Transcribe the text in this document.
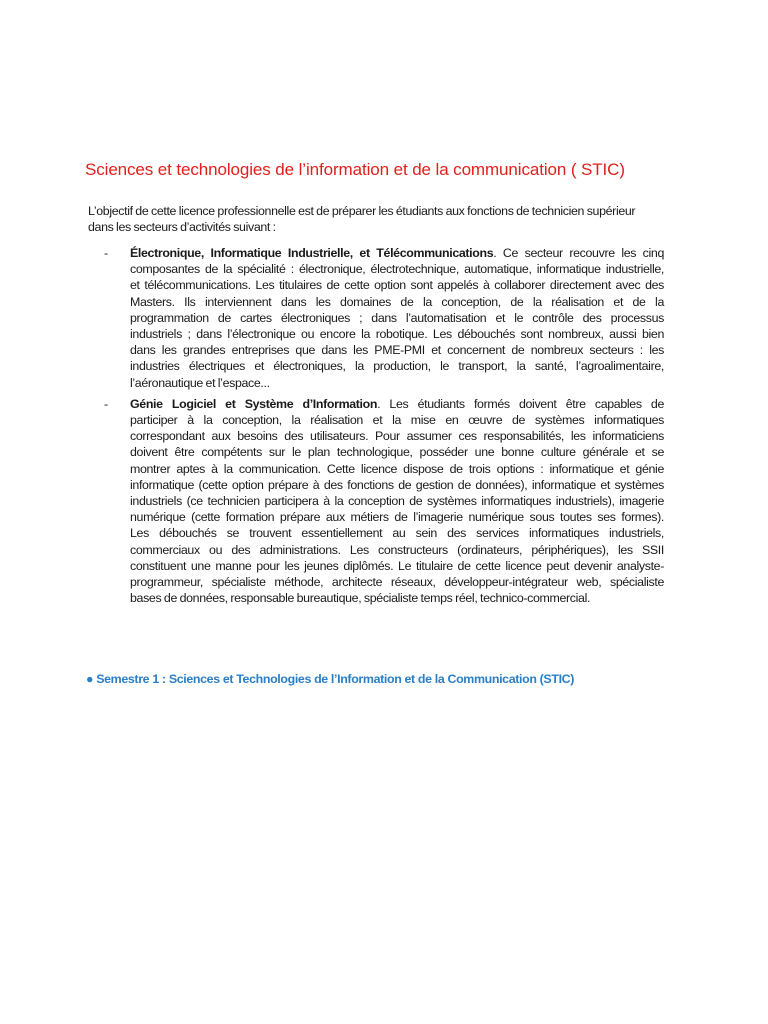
Sciences et technologies de l’information et de la communication ( STIC)

L’objectif de cette licence professionnelle est de préparer les étudiants aux fonctions de technicien supérieur
dans les secteurs d’activités suivant :

-	Électronique, Informatique Industrielle, et Télécommunications. Ce secteur recouvre les cinq
composantes de la spécialité : électronique, électrotechnique, automatique, informatique industrielle,
et télécommunications. Les titulaires de cette option sont appelés à collaborer directement avec des
Masters. Ils interviennent dans les domaines de la conception, de la réalisation et de la
programmation de cartes électroniques ; dans l’automatisation et le contrôle des processus
industriels ; dans l’électronique ou encore la robotique. Les débouchés sont nombreux, aussi bien
dans les grandes entreprises que dans les PME-PMI et concernent de nombreux secteurs : les
industries électriques et électroniques, la production, le transport, la santé, l’agroalimentaire,
l’aéronautique et l’espace...
-	Génie Logiciel et Système d’Information. Les étudiants formés doivent être capables de
participer à la conception, la réalisation et la mise en œuvre de systèmes informatiques
correspondant aux besoins des utilisateurs. Pour assumer ces responsabilités, les informaticiens
doivent être compétents sur le plan technologique, posséder une bonne culture générale et se
montrer aptes à la communication. Cette licence dispose de trois options : informatique et génie
informatique (cette option prépare à des fonctions de gestion de données), informatique et systèmes
industriels (ce technicien participera à la conception de systèmes informatiques industriels), imagerie
numérique (cette formation prépare aux métiers de l’imagerie numérique sous toutes ses formes).
Les débouchés se trouvent essentiellement au sein des services informatiques industriels,
commerciaux ou des administrations. Les constructeurs (ordinateurs, périphériques), les SSII
constituent une manne pour les jeunes diplômés. Le titulaire de cette licence peut devenir analyste-
programmeur, spécialiste méthode, architecte réseaux, développeur-intégrateur web, spécialiste
bases de données, responsable bureautique, spécialiste temps réel, technico-commercial.

● Semestre 1 : Sciences et Technologies de l’Information et de la Communication (STIC)
